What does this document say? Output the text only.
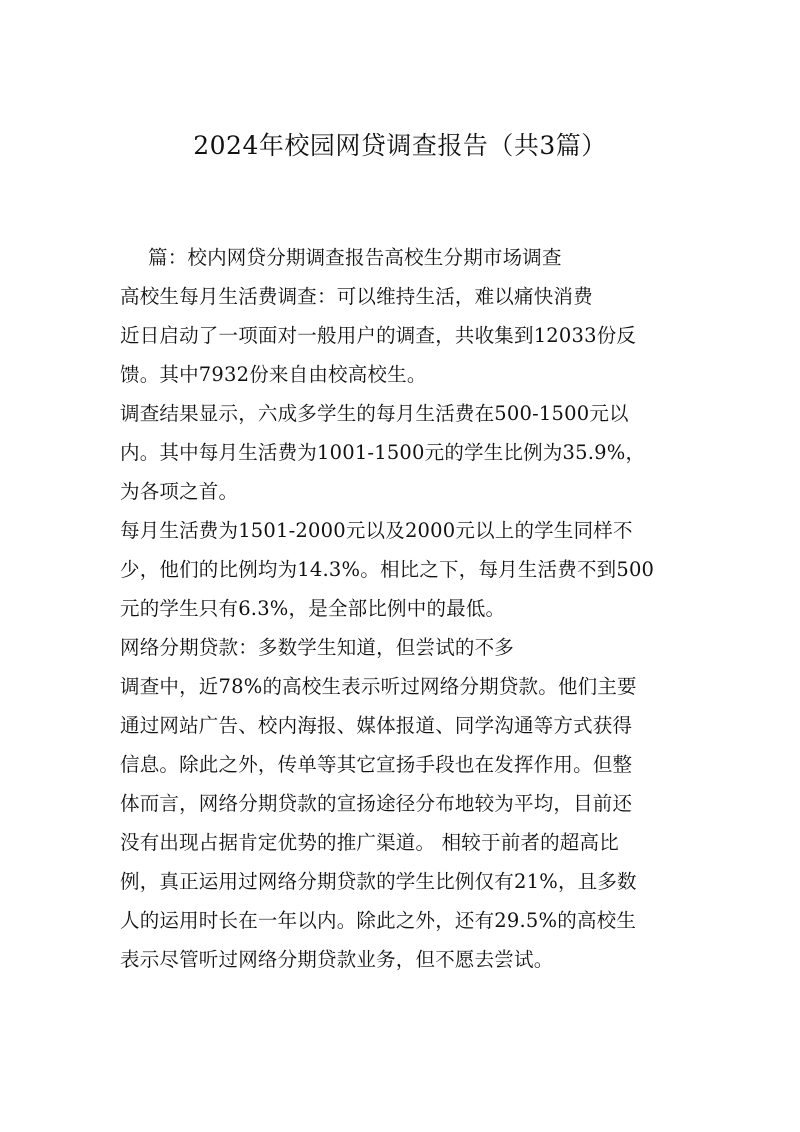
2024年校园网贷调查报告（共3篇）
篇：校内网贷分期调查报告高校生分期市场调查
高校生每月生活费调查：可以维持生活，难以痛快消费
近日启动了一项面对一般用户的调查，共收集到12033份反
馈。其中7932份来自由校高校生。
调查结果显示，六成多学生的每月生活费在500-1500元以
内。其中每月生活费为1001-1500元的学生比例为35.9%，
为各项之首。
每月生活费为1501-2000元以及2000元以上的学生同样不
少，他们的比例均为14.3%。相比之下，每月生活费不到500
元的学生只有6.3%，是全部比例中的最低。
网络分期贷款：多数学生知道，但尝试的不多
调查中，近78%的高校生表示听过网络分期贷款。他们主要
通过网站广告、校内海报、媒体报道、同学沟通等方式获得
信息。除此之外，传单等其它宣扬手段也在发挥作用。但整
体而言，网络分期贷款的宣扬途径分布地较为平均，目前还
没有出现占据肯定优势的推广渠道。 相较于前者的超高比
例，真正运用过网络分期贷款的学生比例仅有21%，且多数
人的运用时长在一年以内。除此之外，还有29.5%的高校生
表示尽管听过网络分期贷款业务，但不愿去尝试。
